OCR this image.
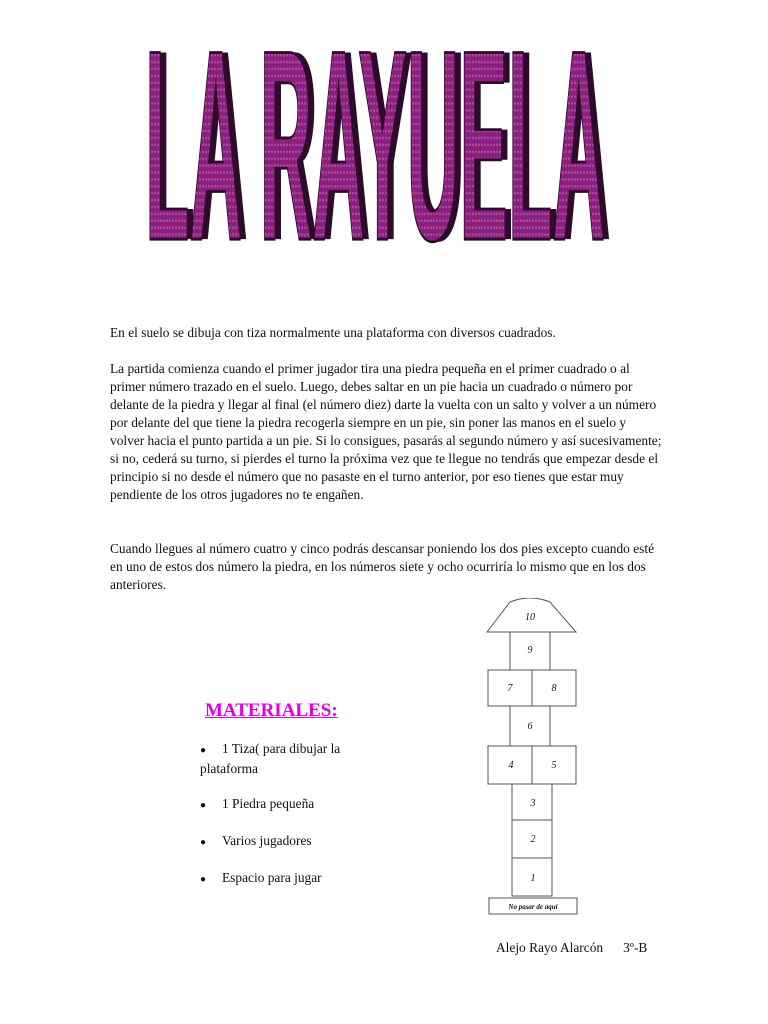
LA RAYUELA
LA RAYUELA

En el suelo se dibuja con tiza normalmente una plataforma con diversos cuadrados.

La partida comienza cuando el primer jugador tira una piedra pequeña en el primer cuadrado o al primer número trazado en el suelo. Luego, debes saltar en un pie hacia un cuadrado o número por delante de la piedra y llegar al final (el número diez) darte la vuelta con un salto y volver a un número por delante del que tiene la piedra recogerla siempre en un pie, sin poner las manos en el suelo y volver hacia el punto partida a un pie. Si lo consigues, pasarás al segundo número y así sucesivamente; si no, cederá su turno, si pierdes el turno la próxima vez que te llegue no tendrás que empezar desde el principio si no desde el número que no pasaste en el turno anterior, por eso tienes que estar muy pendiente de los otros jugadores no te engañen.

Cuando llegues al número cuatro y cinco podrás descansar poniendo los dos pies excepto cuando esté en uno de estos dos número la piedra, en los números siete y ocho ocurriría lo mismo que en los dos anteriores.

MATERIALES:

● 1 Tiza( para dibujar la plataforma
● 1 Piedra pequeña
● Varios jugadores
● Espacio para jugar
10
9
7	8
6
4	5
3
2
1
No pasar de aquí

Alejo Rayo Alarcón 3º-B
